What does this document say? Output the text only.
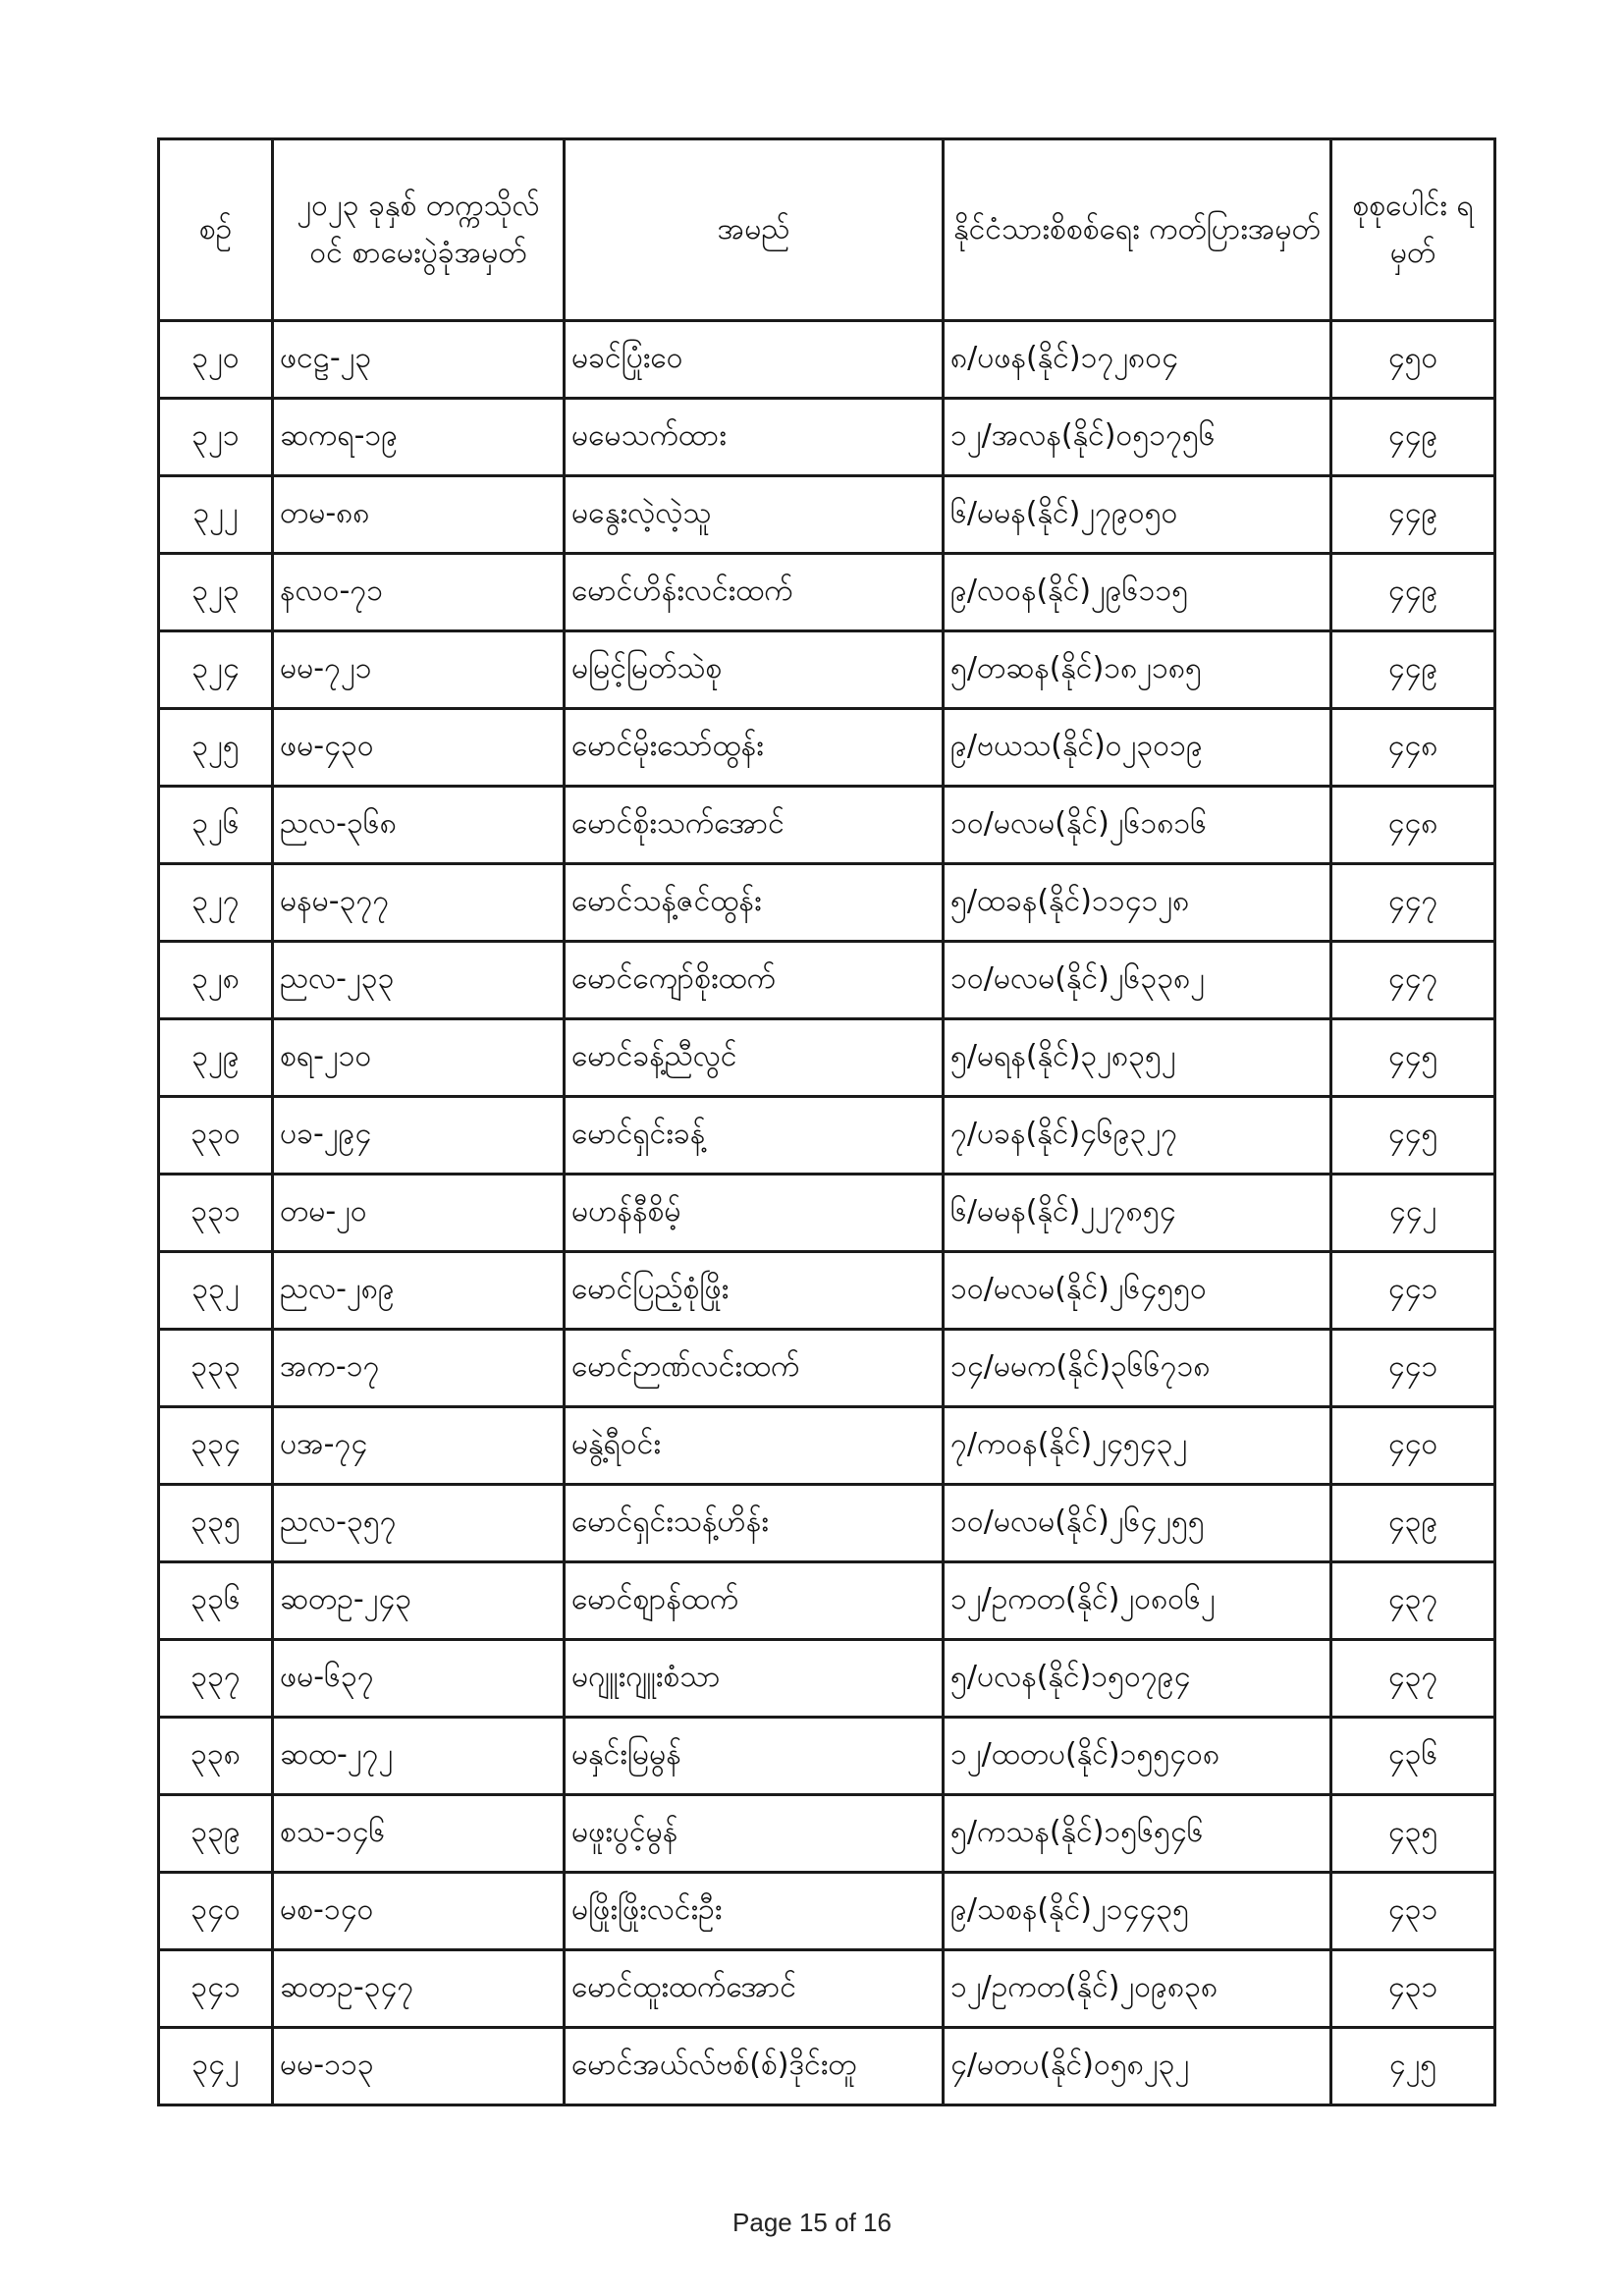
စဉ်	၂၀၂၃ ခုနှစ် တက္ကသိုလ်ဝင် စာမေးပွဲခုံအမှတ်	အမည်	နိုင်ငံသားစိစစ်ရေး ကတ်ပြားအမှတ်	စုစုပေါင်း ရမှတ်
၃၂၀	ဖငဠ-၂၃	မခင်ပြုံးဝေ	၈/ပဖန(နိုင်)၁၇၂၈၀၄	၄၅၀
၃၂၁	ဆကရ-၁၉	မမေသက်ထား	၁၂/အလန(နိုင်)၀၅၁၇၅၆	၄၄၉
၃၂၂	တမ-၈၈	မနွေးလဲ့လဲ့သူ	၆/မမန(နိုင်)၂၇၉၀၅၀	၄၄၉
၃၂၃	နလဝ-၇၁	မောင်ဟိန်းလင်းထက်	၉/လဝန(နိုင်)၂၉၆၁၁၅	၄၄၉
၃၂၄	မမ-၇၂၁	မမြင့်မြတ်သဲစု	၅/တဆန(နိုင်)၁၈၂၁၈၅	၄၄၉
၃၂၅	ဖမ-၄၃၀	မောင်မိုးသော်ထွန်း	၉/ဗယသ(နိုင်)၀၂၃၀၁၉	၄၄၈
၃၂၆	ညလ-၃၆၈	မောင်စိုးသက်အောင်	၁၀/မလမ(နိုင်)၂၆၁၈၁၆	၄၄၈
၃၂၇	မနမ-၃၇၇	မောင်သန့်ဇင်ထွန်း	၅/ထခန(နိုင်)၁၁၄၁၂၈	၄၄၇
၃၂၈	ညလ-၂၃၃	မောင်ကျော်စိုးထက်	၁၀/မလမ(နိုင်)၂၆၃၃၈၂	၄၄၇
၃၂၉	စရ-၂၁၀	မောင်ခန့်ညီလွင်	၅/မရန(နိုင်)၃၂၈၃၅၂	၄၄၅
၃၃၀	ပခ-၂၉၄	မောင်ရှင်းခန့်	၇/ပခန(နိုင်)၄၆၉၃၂၇	၄၄၅
၃၃၁	တမ-၂၀	မဟန်နီစိမ့်	၆/မမန(နိုင်)၂၂၇၈၅၄	၄၄၂
၃၃၂	ညလ-၂၈၉	မောင်ပြည့်စုံဖြိုး	၁၀/မလမ(နိုင်)၂၆၄၅၅၀	၄၄၁
၃၃၃	အက-၁၇	မောင်ဉာဏ်လင်းထက်	၁၄/မမက(နိုင်)၃၆၆၇၁၈	၄၄၁
၃၃၄	ပအ-၇၄	မနွဲ့ရီဝင်း	၇/ကဝန(နိုင်)၂၄၅၄၃၂	၄၄၀
၃၃၅	ညလ-၃၅၇	မောင်ရှင်းသန့်ဟိန်း	၁၀/မလမ(နိုင်)၂၆၄၂၅၅	၄၃၉
၃၃၆	ဆတဥ-၂၄၃	မောင်စျာန်ထက်	၁၂/ဥကတ(နိုင်)၂၀၈၀၆၂	၄၃၇
၃၃၇	ဖမ-၆၃၇	မဂျူးဂျူးစံသာ	၅/ပလန(နိုင်)၁၅၀၇၉၄	၄၃၇
၃၃၈	ဆထ-၂၇၂	မနှင်းမြမွန်	၁၂/ထတပ(နိုင်)၁၅၅၄၀၈	၄၃၆
၃၃၉	စသ-၁၄၆	မဖူးပွင့်မွန်	၅/ကသန(နိုင်)၁၅၆၅၄၆	၄၃၅
၃၄၀	မစ-၁၄၀	မဖြိုးဖြိုးလင်းဦး	၉/သစန(နိုင်)၂၁၄၄၃၅	၄၃၁
၃၄၁	ဆတဥ-၃၄၇	မောင်ထူးထက်အောင်	၁၂/ဥကတ(နိုင်)၂၀၉၈၃၈	၄၃၁
၃၄၂	မမ-၁၁၃	မောင်အယ်လ်ဗစ်(စ်)ဒိုင်းတူ	၄/မတပ(နိုင်)၀၅၈၂၃၂	၄၂၅
Page 15 of 16
